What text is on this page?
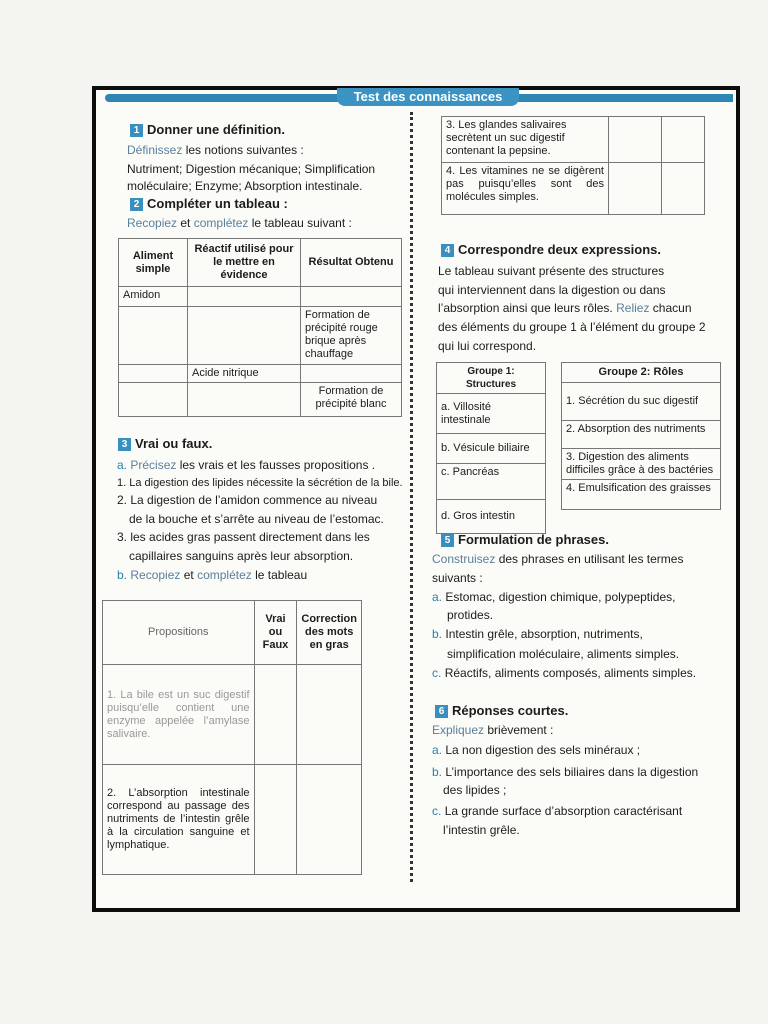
Test des connaissances
1 Donner une définition.
Définissez les notions suivantes :
Nutriment; Digestion mécanique; Simplification
moléculaire; Enzyme; Absorption intestinale.
2 Compléter un tableau :
Recopiez et complétez le tableau suivant :
Aliment simple	Réactif utilisé pour le mettre en évidence	Résultat Obtenu
Amidon		
		Formation de précipité rouge brique après chauffage
	Acide nitrique	
		Formation de précipité blanc
3 Vrai ou faux.
a. Précisez les vrais et les fausses propositions .
1. La digestion des lipides nécessite la sécrétion de la bile.
2. La digestion de l’amidon commence au niveau
de la bouche et s’arrête au niveau de l’estomac.
3. les acides gras passent directement dans les
capillaires sanguins après leur absorption.
b. Recopiez et complétez le tableau
Propositions	Vrai ou Faux	Correction des mots en gras
1. La bile est un suc digestif puisqu’elle contient une enzyme appelée l’amylase salivaire.		
2. L’absorption intestinale correspond au passage des nutriments de l’intestin grêle à la circulation sanguine et lymphatique.		
3. Les glandes salivaires secrètent un suc digestif contenant la pepsine.		
4. Les vitamines ne se digèrent pas puisqu’elles sont des molécules simples.		
4 Correspondre deux expressions.
Le tableau suivant présente des structures
qui interviennent dans la digestion ou dans
l’absorption ainsi que leurs rôles. Reliez chacun
des éléments du groupe 1 à l’élément du groupe 2
qui lui correspond.
Groupe 1: Structures
a. Villosité intestinale
b. Vésicule biliaire
c. Pancréas
d. Gros intestin
Groupe 2: Rôles
1. Sécrétion du suc digestif
2. Absorption des nutriments
3. Digestion des aliments difficiles grâce à des bactéries
4. Emulsification des graisses
5 Formulation de phrases.
Construisez des phrases en utilisant les termes
suivants :
a. Estomac, digestion chimique, polypeptides,
protides.
b. Intestin grêle, absorption, nutriments,
simplification moléculaire, aliments simples.
c. Réactifs, aliments composés, aliments simples.
6 Réponses courtes.
Expliquez brièvement :
a. La non digestion des sels minéraux ;
b. L’importance des sels biliaires dans la digestion
des lipides ;
c. La grande surface d’absorption caractérisant
l’intestin grêle.
